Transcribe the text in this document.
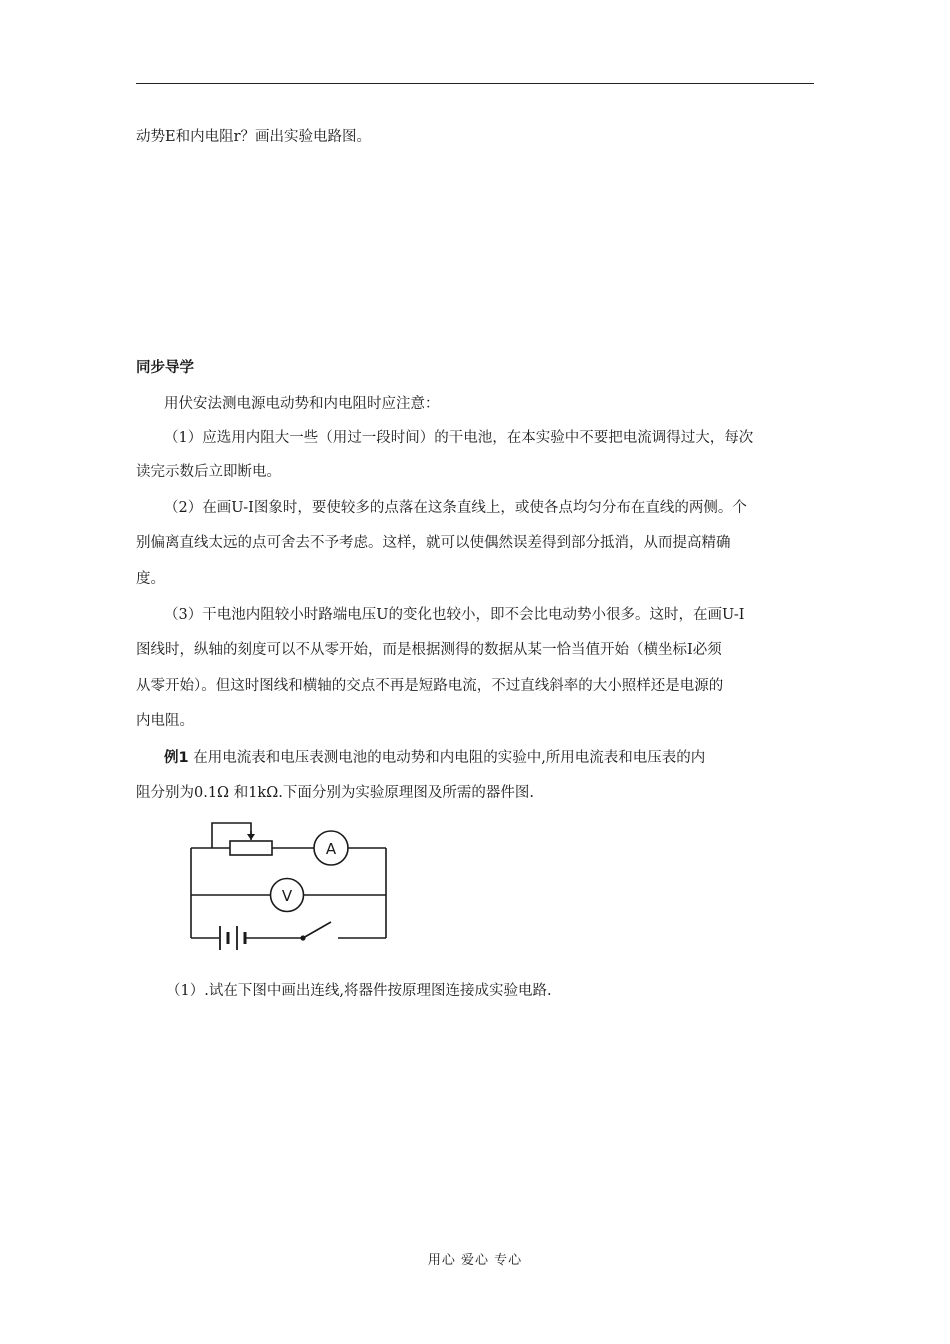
动势E和内电阻r？画出实验电路图。
同步导学
用伏安法测电源电动势和内电阻时应注意：
（1）应选用内阻大一些（用过一段时间）的干电池，在本实验中不要把电流调得过大，每次
读完示数后立即断电。
（2）在画U-I图象时，要使较多的点落在这条直线上，或使各点均匀分布在直线的两侧。个
别偏离直线太远的点可舍去不予考虑。这样，就可以使偶然误差得到部分抵消，从而提高精确
度。
（3）干电池内阻较小时路端电压U的变化也较小，即不会比电动势小很多。这时，在画U-I
图线时，纵轴的刻度可以不从零开始，而是根据测得的数据从某一恰当值开始（横坐标I必须
从零开始）。但这时图线和横轴的交点不再是短路电流，不过直线斜率的大小照样还是电源的
内电阻。
例1 在用电流表和电压表测电池的电动势和内电阻的实验中,所用电流表和电压表的内
阻分别为0.1Ω 和1kΩ.下面分别为实验原理图及所需的器件图.
A
V
（1）.试在下图中画出连线,将器件按原理图连接成实验电路.
用心 爱心 专心
